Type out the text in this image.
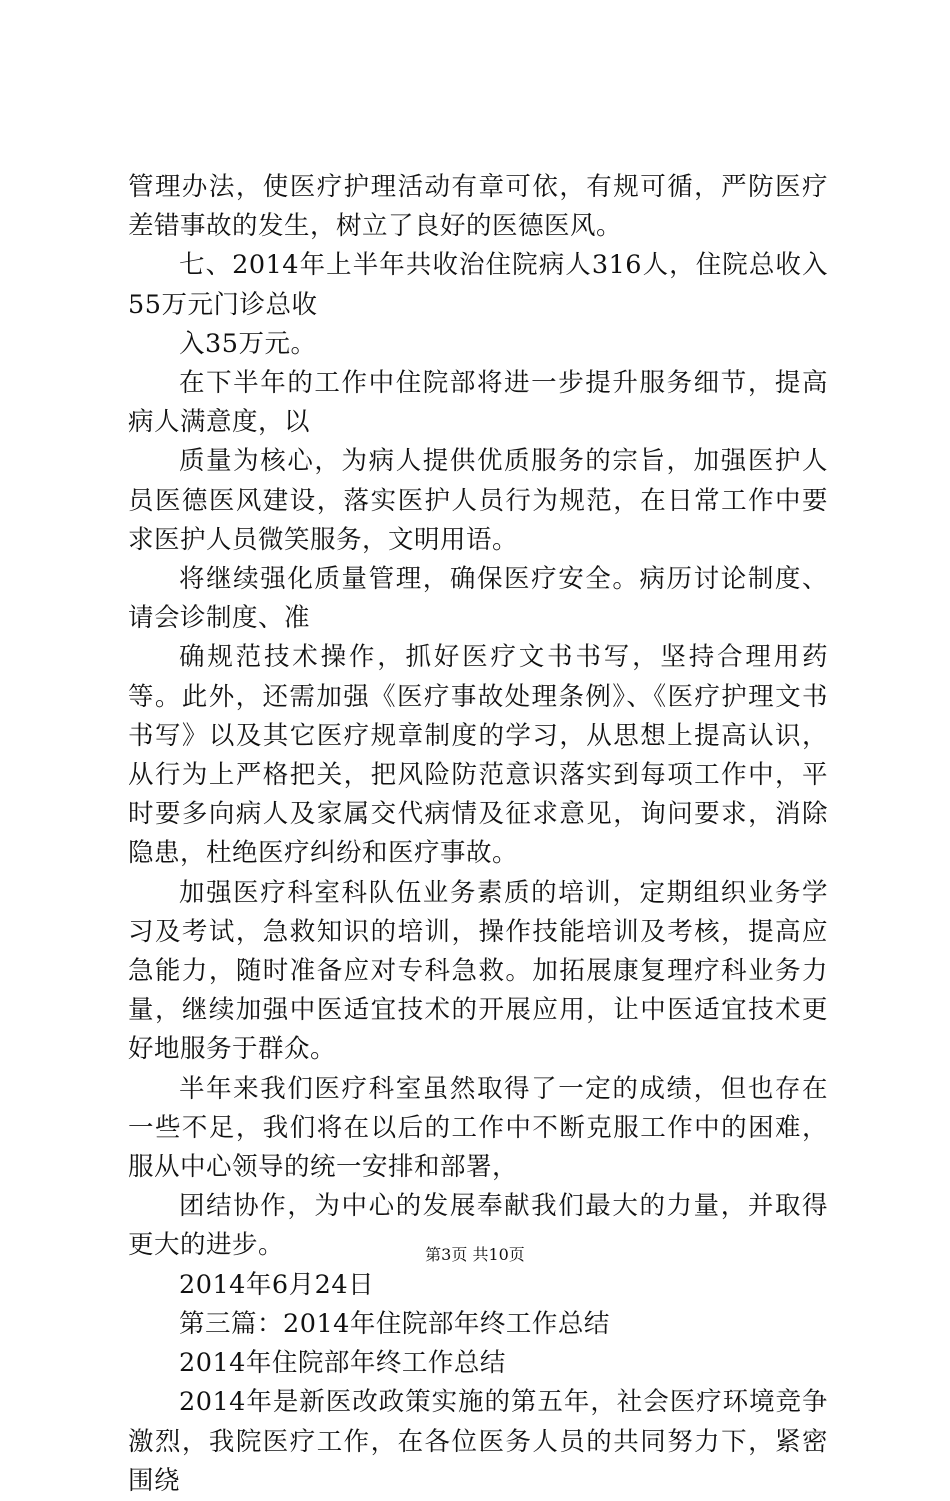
管理办法，使医疗护理活动有章可依，有规可循，严防医疗差错事故的发生，树立了良好的医德医风。

七、2014年上半年共收治住院病人316人，住院总收入55万元门诊总收

入35万元。

在下半年的工作中住院部将进一步提升服务细节，提高病人满意度，以

质量为核心，为病人提供优质服务的宗旨，加强医护人员医德医风建设，落实医护人员行为规范，在日常工作中要求医护人员微笑服务，文明用语。

将继续强化质量管理，确保医疗安全。病历讨论制度、请会诊制度、准

确规范技术操作，抓好医疗文书书写，坚持合理用药等。此外，还需加强《医疗事故处理条例》、《医疗护理文书书写》以及其它医疗规章制度的学习，从思想上提高认识，从行为上严格把关，把风险防范意识落实到每项工作中，平时要多向病人及家属交代病情及征求意见，询问要求，消除隐患，杜绝医疗纠纷和医疗事故。

加强医疗科室科队伍业务素质的培训，定期组织业务学习及考试，急救知识的培训，操作技能培训及考核，提高应急能力，随时准备应对专科急救。加拓展康复理疗科业务力量，继续加强中医适宜技术的开展应用，让中医适宜技术更好地服务于群众。

半年来我们医疗科室虽然取得了一定的成绩，但也存在一些不足，我们将在以后的工作中不断克服工作中的困难，服从中心领导的统一安排和部署，

团结协作，为中心的发展奉献我们最大的力量，并取得更大的进步。

2014年6月24日

第三篇：2014年住院部年终工作总结

2014年住院部年终工作总结

2014年是新医改政策实施的第五年，社会医疗环境竞争激烈，我院医疗工作，在各位医务人员的共同努力下，紧密围绕

第3页 共10页
